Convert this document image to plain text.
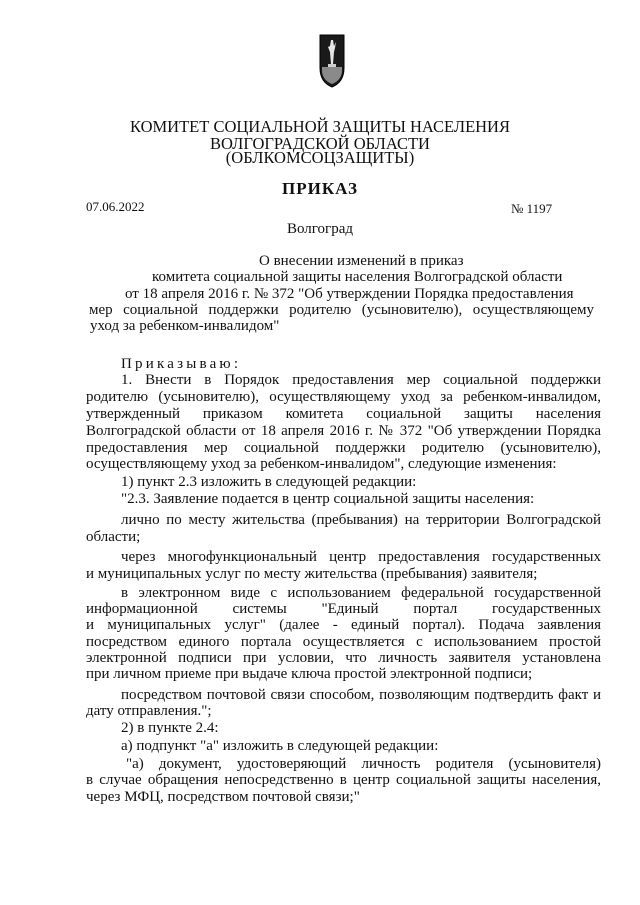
КОМИТЕТ СОЦИАЛЬНОЙ ЗАЩИТЫ НАСЕЛЕНИЯ
ВОЛГОГРАДСКОЙ ОБЛАСТИ
(ОБЛКОМСОЦЗАЩИТЫ)
ПРИКАЗ
07.06.2022	№ 1197
Волгоград
О внесении изменений в приказ
комитета социальной защиты населения Волгоградской области
от 18 апреля 2016 г. № 372 "Об утверждении Порядка предоставления
мер социальной поддержки родителю (усыновителю), осуществляющему
уход за ребенком-инвалидом"
Приказываю:
1. Внести в Порядок предоставления мер социальной поддержки
родителю (усыновителю), осуществляющему уход за ребенком-инвалидом,
утвержденный приказом комитета социальной защиты населения
Волгоградской области от 18 апреля 2016 г. № 372 "Об утверждении Порядка
предоставления мер социальной поддержки родителю (усыновителю),
осуществляющему уход за ребенком-инвалидом", следующие изменения:
1) пункт 2.3 изложить в следующей редакции:
"2.3. Заявление подается в центр социальной защиты населения:
лично по месту жительства (пребывания) на территории Волгоградской
области;
через многофункциональный центр предоставления государственных
и муниципальных услуг по месту жительства (пребывания) заявителя;
в электронном виде с использованием федеральной государственной
информационной системы "Единый портал государственных
и муниципальных услуг" (далее - единый портал). Подача заявления
посредством единого портала осуществляется с использованием простой
электронной подписи при условии, что личность заявителя установлена
при личном приеме при выдаче ключа простой электронной подписи;
посредством почтовой связи способом, позволяющим подтвердить факт и
дату отправления.";
2) в пункте 2.4:
а) подпункт "а" изложить в следующей редакции:
"а) документ, удостоверяющий личность родителя (усыновителя)
в случае обращения непосредственно в центр социальной защиты населения,
через МФЦ, посредством почтовой связи;"
